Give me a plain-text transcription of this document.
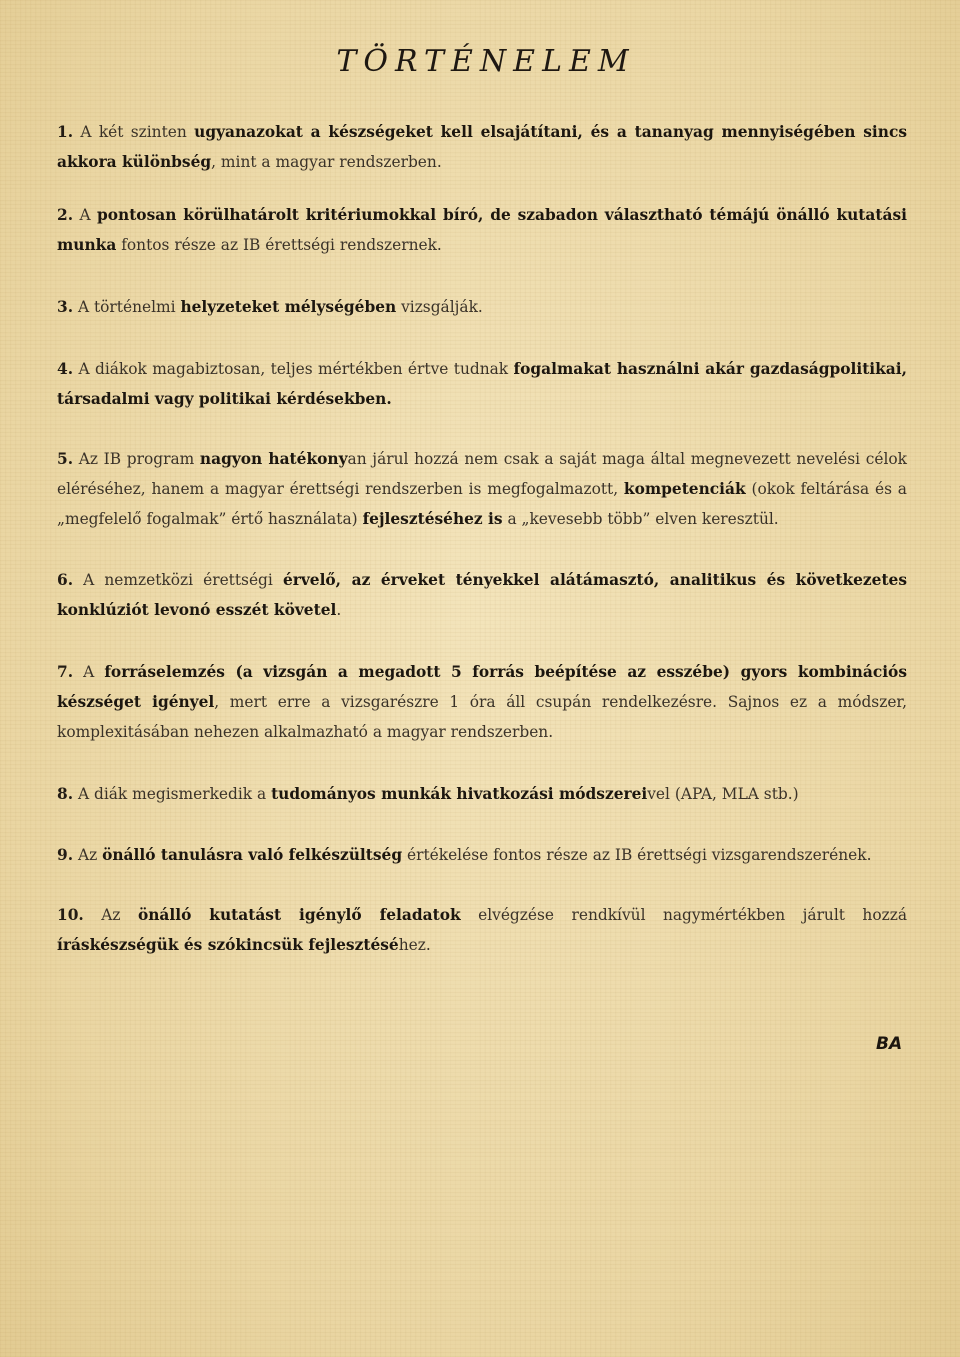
TÖRTÉNELEM

1. A két szinten ugyanazokat a készségeket kell elsajátítani, és a tananyag mennyiségében sincs akkora különbség, mint a magyar rendszerben.

2. A pontosan körülhatárolt kritériumokkal bíró, de szabadon választható témájú önálló kutatási munka fontos része az IB érettségi rendszernek.

3. A történelmi helyzeteket mélységében vizsgálják.

4. A diákok magabiztosan, teljes mértékben értve tudnak fogalmakat használni akár gazdaságpolitikai, társadalmi vagy politikai kérdésekben.

5. Az IB program nagyon hatékonyan járul hozzá nem csak a saját maga által megnevezett nevelési célok eléréséhez, hanem a magyar érettségi rendszerben is megfogalmazott, kompetenciák (okok feltárása és a „megfelelő fogalmak” értő használata) fejlesztéséhez is a „kevesebb több” elven keresztül.

6. A nemzetközi érettségi érvelő, az érveket tényekkel alátámasztó, analitikus és következetes konklúziót levonó esszét követel.

7. A forráselemzés (a vizsgán a megadott 5 forrás beépítése az esszébe) gyors kombinációs készséget igényel, mert erre a vizsgarészre 1 óra áll csupán rendelkezésre. Sajnos ez a módszer, komplexitásában nehezen alkalmazható a magyar rendszerben.

8. A diák megismerkedik a tudományos munkák hivatkozási módszereivel (APA, MLA stb.)

9. Az önálló tanulásra való felkészültség értékelése fontos része az IB érettségi vizsgarendszerének.

10. Az önálló kutatást igénylő feladatok elvégzése rendkívül nagymértékben járult hozzá íráskészségük és szókincsük fejlesztéséhez.

BA
